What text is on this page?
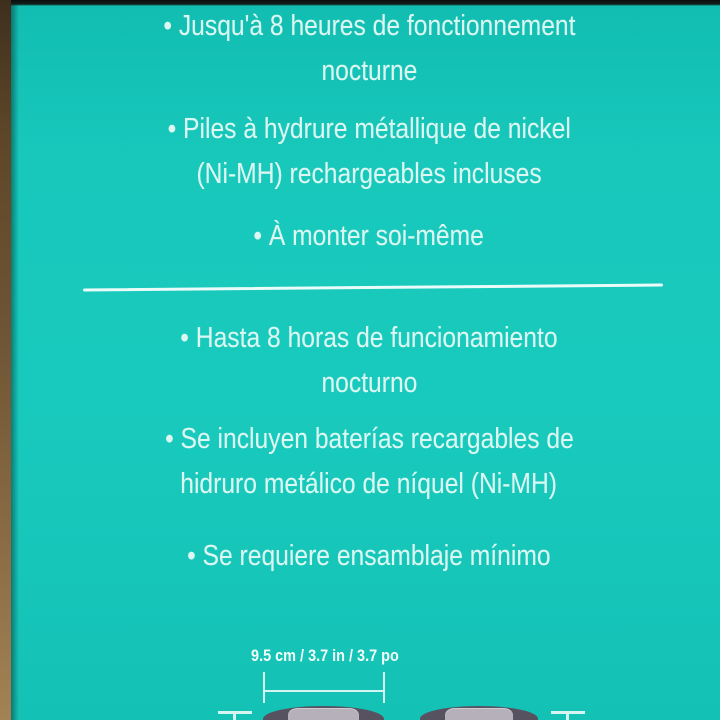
• Jusqu'à 8 heures de fonctionnement
nocturne
• Piles à hydrure métallique de nickel
(Ni-MH) rechargeables incluses
• À monter soi-même
• Hasta 8 horas de funcionamiento
nocturno
• Se incluyen baterías recargables de
hidruro metálico de níquel (Ni-MH)
• Se requiere ensamblaje mínimo
9.5 cm / 3.7 in / 3.7 po
